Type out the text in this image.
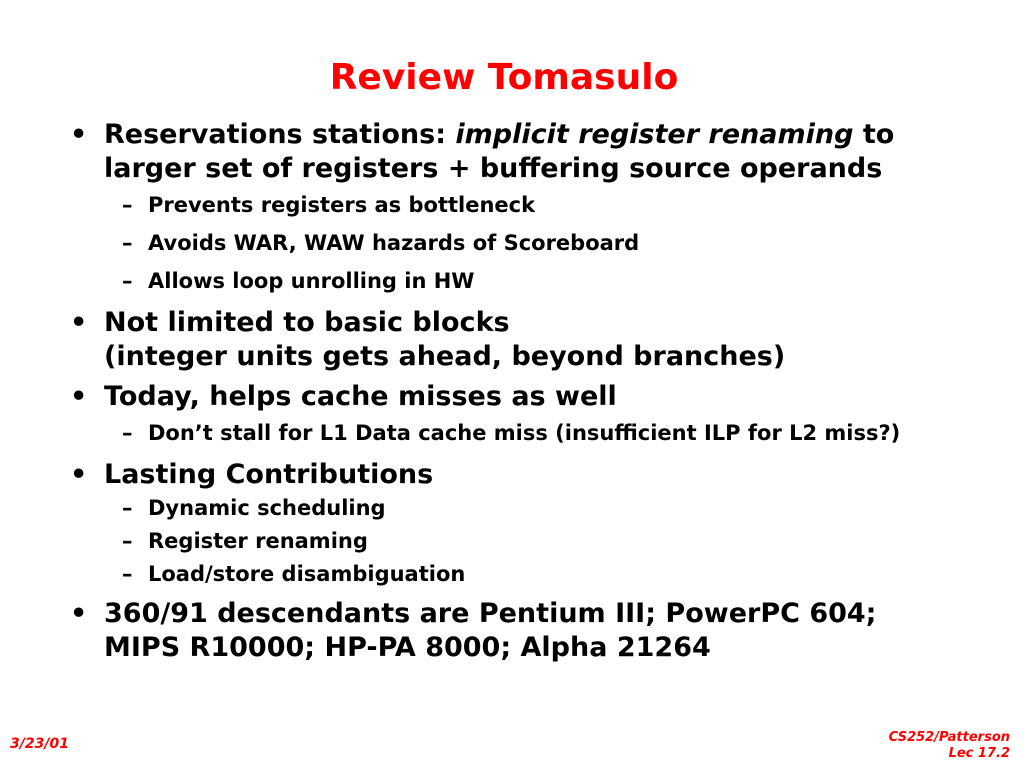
Review Tomasulo
• Reservations stations: implicit register renaming to
larger set of registers + buffering source operands
– Prevents registers as bottleneck
– Avoids WAR, WAW hazards of Scoreboard
– Allows loop unrolling in HW
• Not limited to basic blocks
(integer units gets ahead, beyond branches)
• Today, helps cache misses as well
– Don’t stall for L1 Data cache miss (insufficient ILP for L2 miss?)
• Lasting Contributions
– Dynamic scheduling
– Register renaming
– Load/store disambiguation
• 360/91 descendants are Pentium III; PowerPC 604;
MIPS R10000; HP-PA 8000; Alpha 21264
3/23/01	CS252/Patterson
Lec 17.2
